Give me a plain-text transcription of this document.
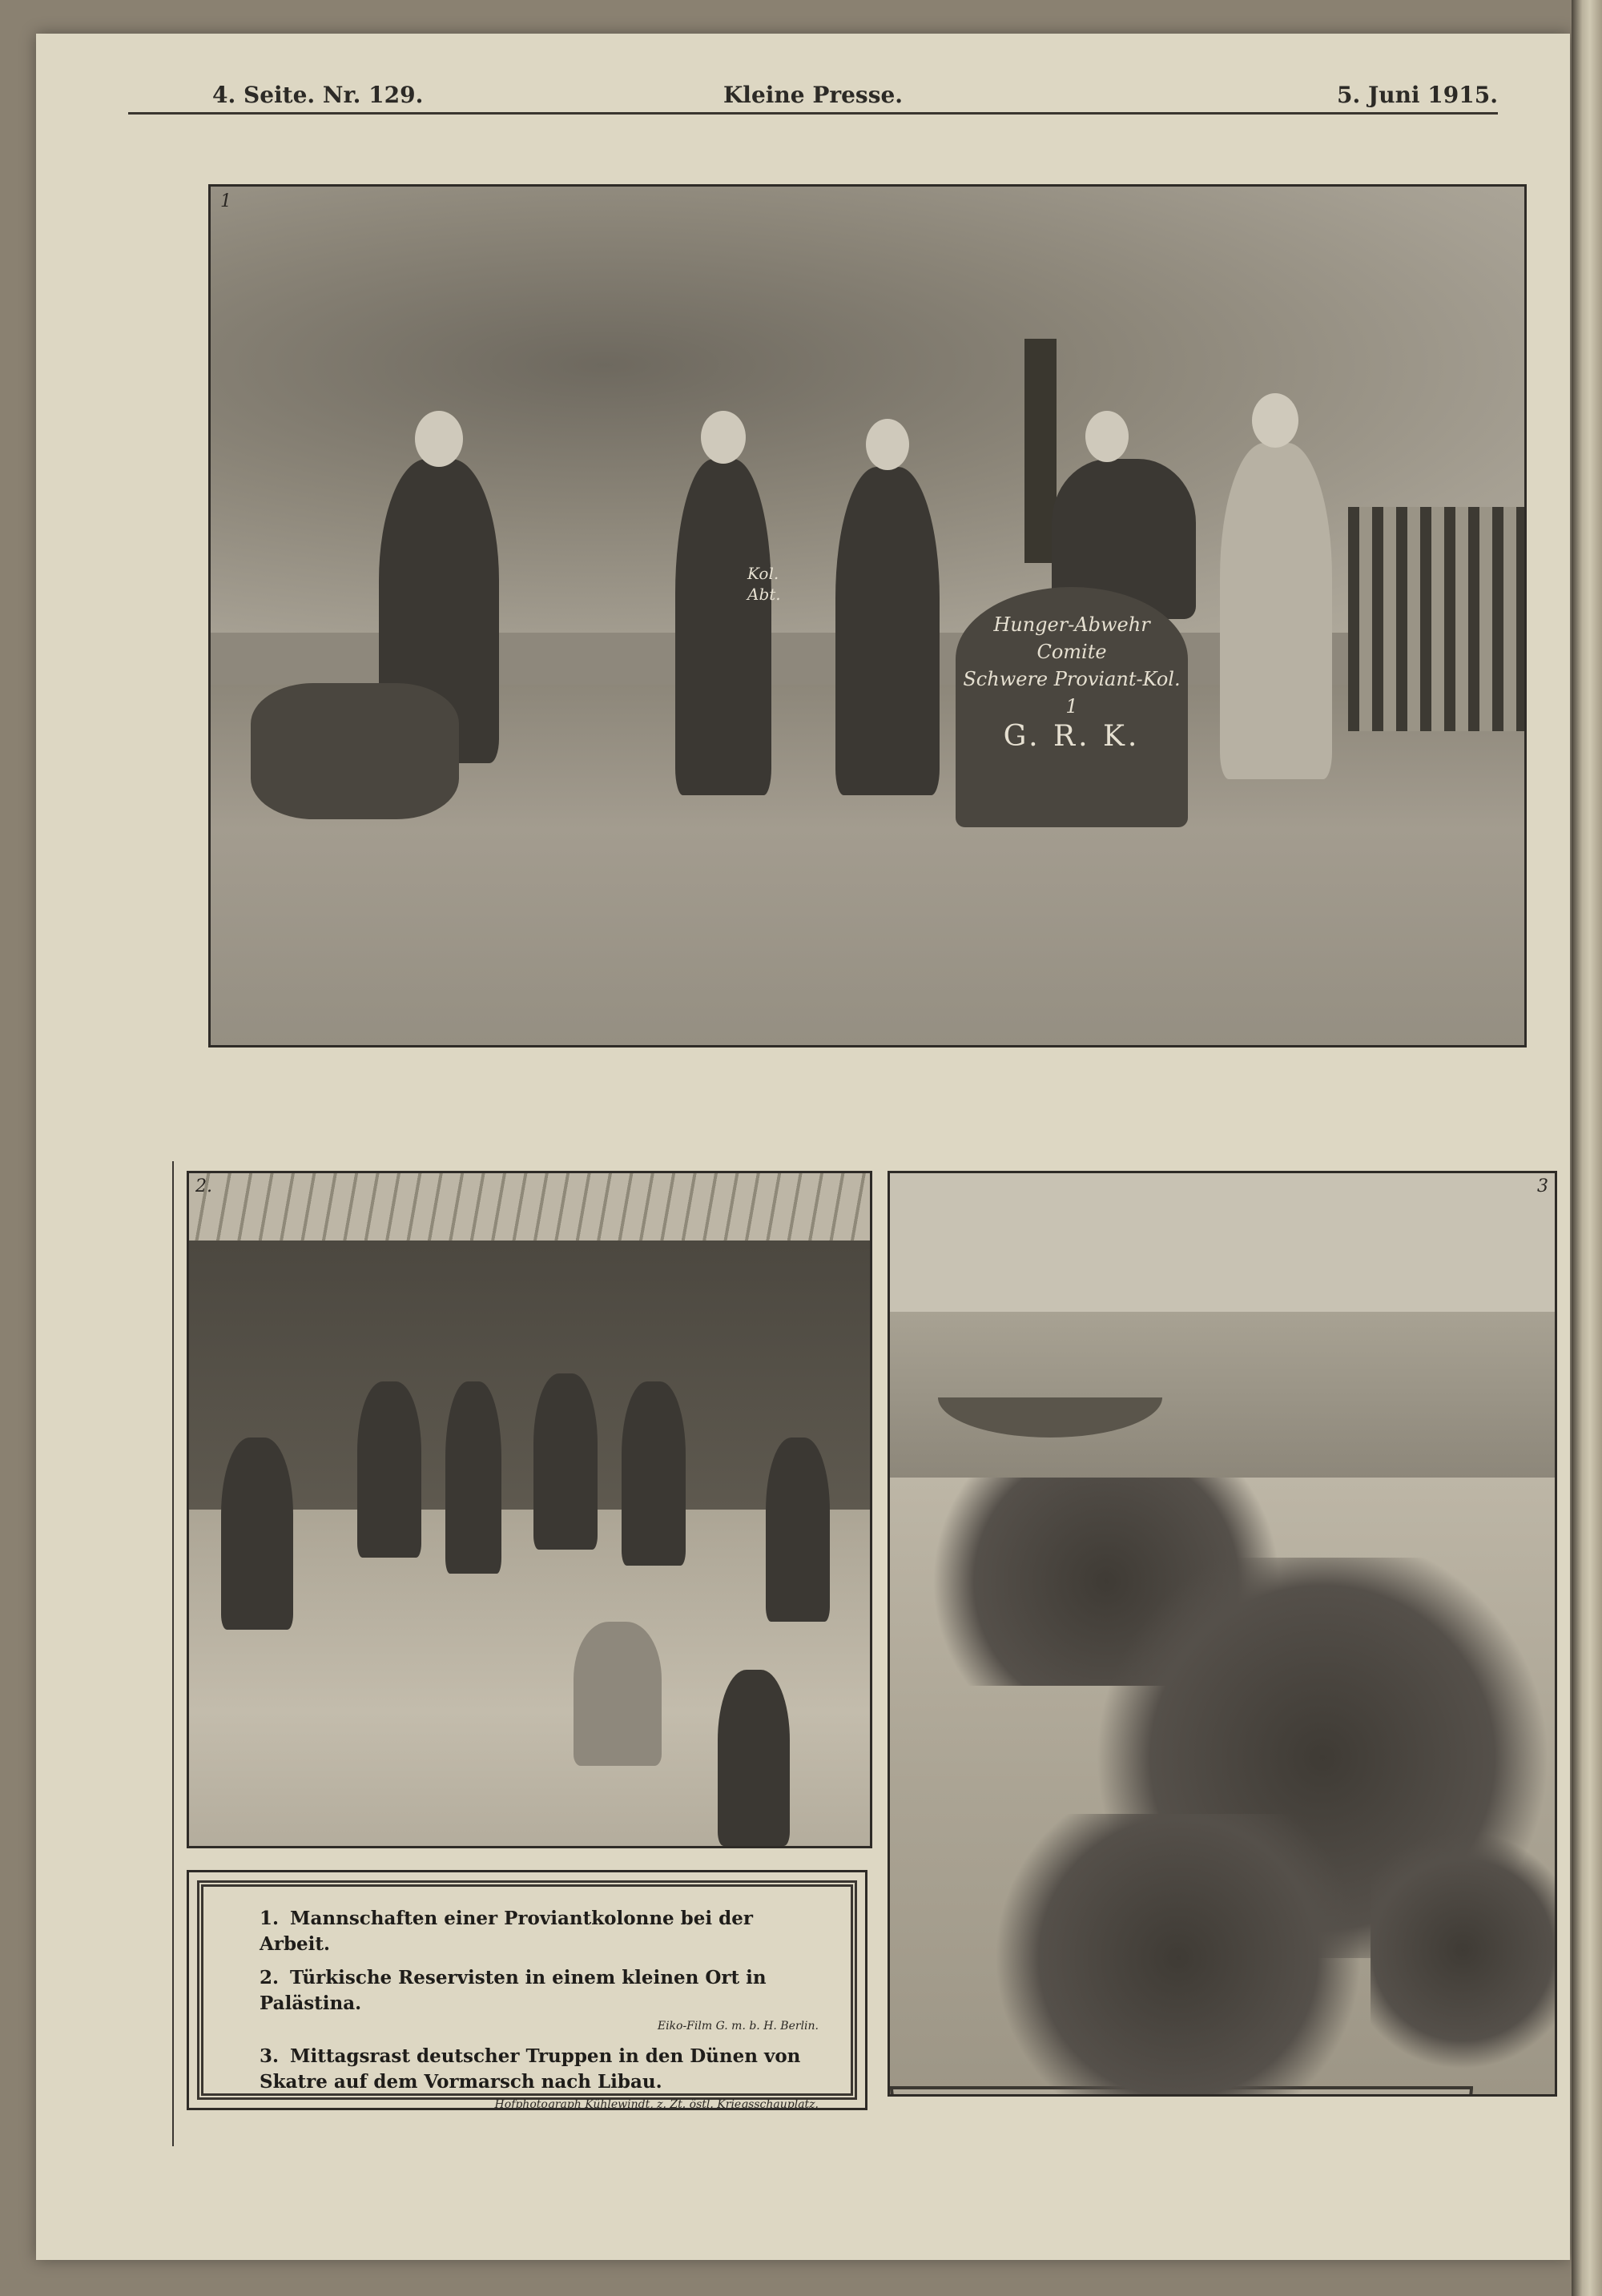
4. Seite. Nr. 129.	Kleine Presse.	5. Juni 1915.
1
Kol.
Abt.
Hunger-Abwehr
Comite
Schwere Proviant-Kol. 1
G. R. K.
2.
1. Mannschaften einer Proviantkolonne bei der Arbeit.
2. Türkische Reservisten in einem kleinen Ort in Palästina.
Eiko-Film G. m. b. H. Berlin.
3. Mittagsrast deutscher Truppen in den Dünen von Skatre auf dem Vormarsch nach Libau.
Hofphotograph Kühlewindt, z. Zt. östl. Kriegsschauplatz.
3
